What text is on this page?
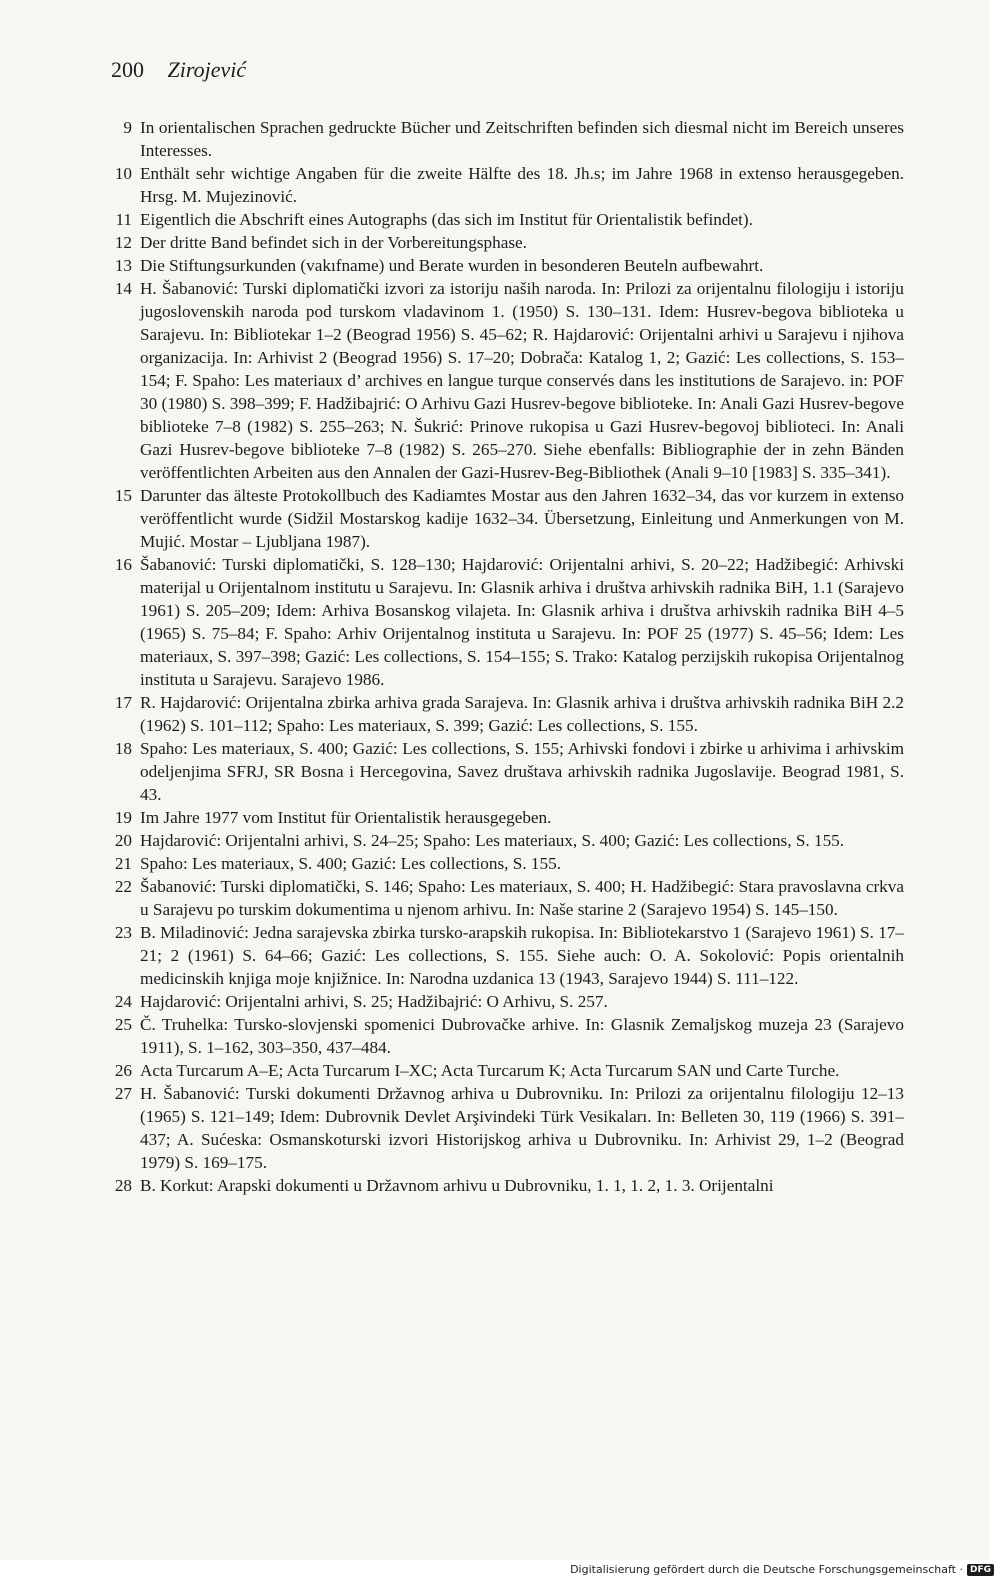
200 Zirojević
9 In orientalischen Sprachen gedruckte Bücher und Zeitschriften befinden sich diesmal nicht im Bereich unseres Interesses.
10 Enthält sehr wichtige Angaben für die zweite Hälfte des 18. Jh.s; im Jahre 1968 in extenso herausgegeben. Hrsg. M. Mujezinović.
11 Eigentlich die Abschrift eines Autographs (das sich im Institut für Orientalistik befindet).
12 Der dritte Band befindet sich in der Vorbereitungsphase.
13 Die Stiftungsurkunden (vakıfname) und Berate wurden in besonderen Beuteln aufbewahrt.
14 H. Šabanović: Turski diplomatički izvori za istoriju naših naroda. In: Prilozi za orijentalnu filologiju i istoriju jugoslovenskih naroda pod turskom vladavinom 1. (1950) S. 130–131. Idem: Husrev-begova biblioteka u Sarajevu. In: Bibliotekar 1–2 (Beograd 1956) S. 45–62; R. Hajdarović: Orijentalni arhivi u Sarajevu i njihova organizacija. In: Arhivist 2 (Beograd 1956) S. 17–20; Dobrača: Katalog 1, 2; Gazić: Les collections, S. 153–154; F. Spaho: Les materiaux d’ archives en langue turque conservés dans les institutions de Sarajevo. in: POF 30 (1980) S. 398–399; F. Hadžibajrić: O Arhivu Gazi Husrev-begove biblioteke. In: Anali Gazi Husrev-begove biblioteke 7–8 (1982) S. 255–263; N. Šukrić: Prinove rukopisa u Gazi Husrev-begovoj biblioteci. In: Anali Gazi Husrev-begove biblioteke 7–8 (1982) S. 265–270. Siehe ebenfalls: Bibliographie der in zehn Bänden veröffentlichten Arbeiten aus den Annalen der Gazi-Husrev-Beg-Bibliothek (Anali 9–10 [1983] S. 335–341).
15 Darunter das älteste Protokollbuch des Kadiamtes Mostar aus den Jahren 1632–34, das vor kurzem in extenso veröffentlicht wurde (Sidžil Mostarskog kadije 1632–34. Übersetzung, Einleitung und Anmerkungen von M. Mujić. Mostar – Ljubljana 1987).
16 Šabanović: Turski diplomatički, S. 128–130; Hajdarović: Orijentalni arhivi, S. 20–22; Hadžibegić: Arhivski materijal u Orijentalnom institutu u Sarajevu. In: Glasnik arhiva i društva arhivskih radnika BiH, 1.1 (Sarajevo 1961) S. 205–209; Idem: Arhiva Bosanskog vilajeta. In: Glasnik arhiva i društva arhivskih radnika BiH 4–5 (1965) S. 75–84; F. Spaho: Arhiv Orijentalnog instituta u Sarajevu. In: POF 25 (1977) S. 45–56; Idem: Les materiaux, S. 397–398; Gazić: Les collections, S. 154–155; S. Trako: Katalog perzijskih rukopisa Orijentalnog instituta u Sarajevu. Sarajevo 1986.
17 R. Hajdarović: Orijentalna zbirka arhiva grada Sarajeva. In: Glasnik arhiva i društva arhivskih radnika BiH 2.2 (1962) S. 101–112; Spaho: Les materiaux, S. 399; Gazić: Les collections, S. 155.
18 Spaho: Les materiaux, S. 400; Gazić: Les collections, S. 155; Arhivski fondovi i zbirke u arhivima i arhivskim odeljenjima SFRJ, SR Bosna i Hercegovina, Savez društava arhivskih radnika Jugoslavije. Beograd 1981, S. 43.
19 Im Jahre 1977 vom Institut für Orientalistik herausgegeben.
20 Hajdarović: Orijentalni arhivi, S. 24–25; Spaho: Les materiaux, S. 400; Gazić: Les collections, S. 155.
21 Spaho: Les materiaux, S. 400; Gazić: Les collections, S. 155.
22 Šabanović: Turski diplomatički, S. 146; Spaho: Les materiaux, S. 400; H. Hadžibegić: Stara pravoslavna crkva u Sarajevu po turskim dokumentima u njenom arhivu. In: Naše starine 2 (Sarajevo 1954) S. 145–150.
23 B. Miladinović: Jedna sarajevska zbirka tursko-arapskih rukopisa. In: Bibliotekarstvo 1 (Sarajevo 1961) S. 17–21; 2 (1961) S. 64–66; Gazić: Les collections, S. 155. Siehe auch: O. A. Sokolović: Popis orientalnih medicinskih knjiga moje knjižnice. In: Narodna uzdanica 13 (1943, Sarajevo 1944) S. 111–122.
24 Hajdarović: Orijentalni arhivi, S. 25; Hadžibajrić: O Arhivu, S. 257.
25 Č. Truhelka: Tursko-slovjenski spomenici Dubrovačke arhive. In: Glasnik Zemaljskog muzeja 23 (Sarajevo 1911), S. 1–162, 303–350, 437–484.
26 Acta Turcarum A–E; Acta Turcarum I–XC; Acta Turcarum K; Acta Turcarum SAN und Carte Turche.
27 H. Šabanović: Turski dokumenti Državnog arhiva u Dubrovniku. In: Prilozi za orijentalnu filologiju 12–13 (1965) S. 121–149; Idem: Dubrovnik Devlet Arşivindeki Türk Vesikaları. In: Belleten 30, 119 (1966) S. 391–437; A. Sućeska: Osmanskoturski izvori Historijskog arhiva u Dubrovniku. In: Arhivist 29, 1–2 (Beograd 1979) S. 169–175.
28 B. Korkut: Arapski dokumenti u Državnom arhivu u Dubrovniku, 1. 1, 1. 2, 1. 3. Orijentalni
Digitalisierung gefördert durch die Deutsche Forschungsgemeinschaft · DFG
